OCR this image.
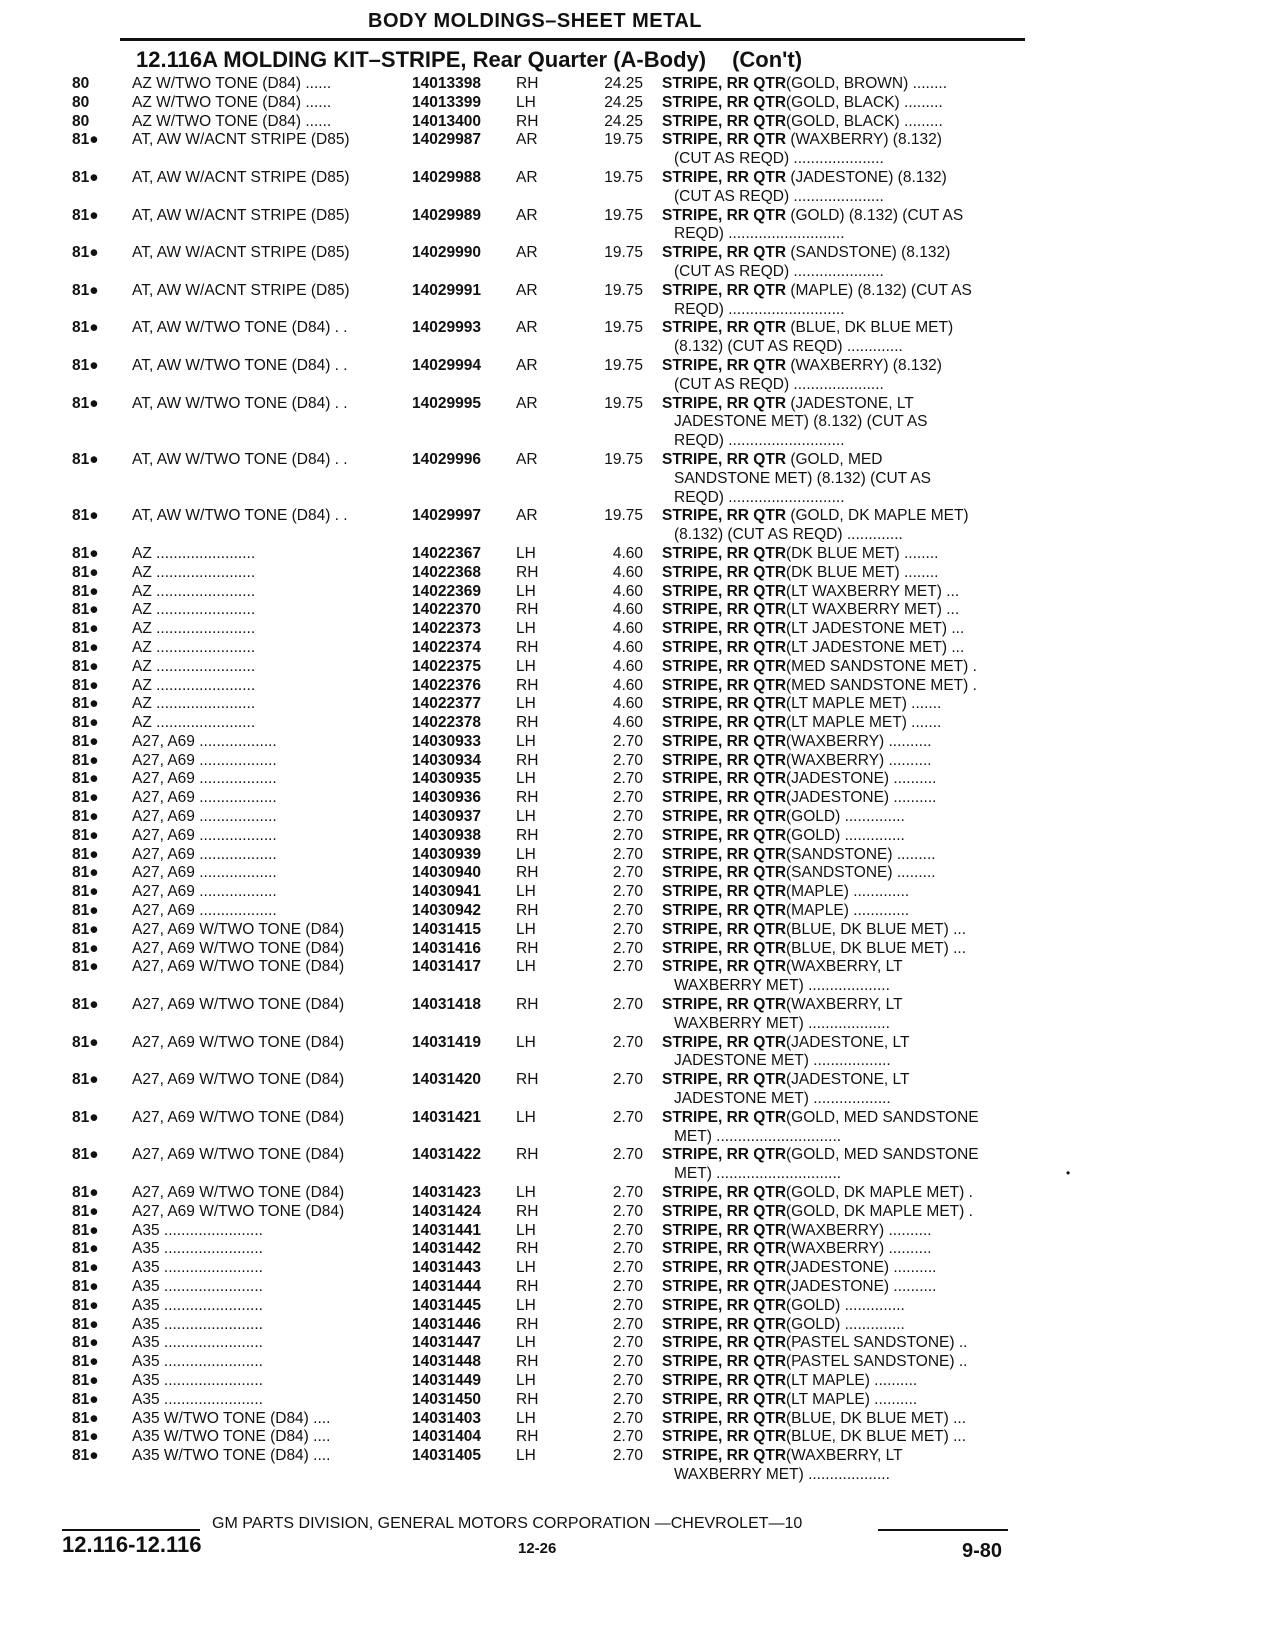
BODY MOLDINGS–SHEET METAL
12.116A MOLDING KIT–STRIPE, Rear Quarter (A-Body) (Con't)
80	AZ W/TWO TONE (D84) ......	14013398 RH	24.25 STRIPE, RR QTR(GOLD, BROWN) ........
80	AZ W/TWO TONE (D84) ......	14013399 LH	24.25 STRIPE, RR QTR(GOLD, BLACK) .........
80	AZ W/TWO TONE (D84) ......	14013400 RH	24.25 STRIPE, RR QTR(GOLD, BLACK) .........
81● AT, AW W/ACNT STRIPE (D85)	14029987 AR	19.75 STRIPE, RR QTR (WAXBERRY) (8.132)
(CUT AS REQD) .....................
81● AT, AW W/ACNT STRIPE (D85)	14029988 AR	19.75 STRIPE, RR QTR (JADESTONE) (8.132)
(CUT AS REQD) .....................
81● AT, AW W/ACNT STRIPE (D85)	14029989 AR	19.75 STRIPE, RR QTR (GOLD) (8.132) (CUT AS
REQD) ...........................
81● AT, AW W/ACNT STRIPE (D85)	14029990 AR	19.75 STRIPE, RR QTR (SANDSTONE) (8.132)
(CUT AS REQD) .....................
81● AT, AW W/ACNT STRIPE (D85)	14029991 AR	19.75 STRIPE, RR QTR (MAPLE) (8.132) (CUT AS
REQD) ...........................
81● AT, AW W/TWO TONE (D84) . .	14029993 AR	19.75 STRIPE, RR QTR (BLUE, DK BLUE MET)
(8.132) (CUT AS REQD) .............
81● AT, AW W/TWO TONE (D84) . .	14029994 AR	19.75 STRIPE, RR QTR (WAXBERRY) (8.132)
(CUT AS REQD) .....................
81● AT, AW W/TWO TONE (D84) . .	14029995 AR	19.75 STRIPE, RR QTR (JADESTONE, LT
JADESTONE MET) (8.132) (CUT AS
REQD) ...........................
81● AT, AW W/TWO TONE (D84) . .	14029996 AR	19.75 STRIPE, RR QTR (GOLD, MED
SANDSTONE MET) (8.132) (CUT AS
REQD) ...........................
81● AT, AW W/TWO TONE (D84) . .	14029997 AR	19.75 STRIPE, RR QTR (GOLD, DK MAPLE MET)
(8.132) (CUT AS REQD) .............
81● AZ .......................	14022367 LH	4.60 STRIPE, RR QTR(DK BLUE MET) ........
81● AZ .......................	14022368 RH	4.60 STRIPE, RR QTR(DK BLUE MET) ........
81● AZ .......................	14022369 LH	4.60 STRIPE, RR QTR(LT WAXBERRY MET) ...
81● AZ .......................	14022370 RH	4.60 STRIPE, RR QTR(LT WAXBERRY MET) ...
81● AZ .......................	14022373 LH	4.60 STRIPE, RR QTR(LT JADESTONE MET) ...
81● AZ .......................	14022374 RH	4.60 STRIPE, RR QTR(LT JADESTONE MET) ...
81● AZ .......................	14022375 LH	4.60 STRIPE, RR QTR(MED SANDSTONE MET) .
81● AZ .......................	14022376 RH	4.60 STRIPE, RR QTR(MED SANDSTONE MET) .
81● AZ .......................	14022377 LH	4.60 STRIPE, RR QTR(LT MAPLE MET) .......
81● AZ .......................	14022378 RH	4.60 STRIPE, RR QTR(LT MAPLE MET) .......
81● A27, A69 ..................	14030933 LH	2.70 STRIPE, RR QTR(WAXBERRY) ..........
81● A27, A69 ..................	14030934 RH	2.70 STRIPE, RR QTR(WAXBERRY) ..........
81● A27, A69 ..................	14030935 LH	2.70 STRIPE, RR QTR(JADESTONE) ..........
81● A27, A69 ..................	14030936 RH	2.70 STRIPE, RR QTR(JADESTONE) ..........
81● A27, A69 ..................	14030937 LH	2.70 STRIPE, RR QTR(GOLD) ..............
81● A27, A69 ..................	14030938 RH	2.70 STRIPE, RR QTR(GOLD) ..............
81● A27, A69 ..................	14030939 LH	2.70 STRIPE, RR QTR(SANDSTONE) .........
81● A27, A69 ..................	14030940 RH	2.70 STRIPE, RR QTR(SANDSTONE) .........
81● A27, A69 ..................	14030941 LH	2.70 STRIPE, RR QTR(MAPLE) .............
81● A27, A69 ..................	14030942 RH	2.70 STRIPE, RR QTR(MAPLE) .............
81● A27, A69 W/TWO TONE (D84)	14031415 LH	2.70 STRIPE, RR QTR(BLUE, DK BLUE MET) ...
81● A27, A69 W/TWO TONE (D84)	14031416 RH	2.70 STRIPE, RR QTR(BLUE, DK BLUE MET) ...
81● A27, A69 W/TWO TONE (D84)	14031417 LH	2.70 STRIPE, RR QTR(WAXBERRY, LT
WAXBERRY MET) ...................
81● A27, A69 W/TWO TONE (D84)	14031418 RH	2.70 STRIPE, RR QTR(WAXBERRY, LT
WAXBERRY MET) ...................
81● A27, A69 W/TWO TONE (D84)	14031419 LH	2.70 STRIPE, RR QTR(JADESTONE, LT
JADESTONE MET) ..................
81● A27, A69 W/TWO TONE (D84)	14031420 RH	2.70 STRIPE, RR QTR(JADESTONE, LT
JADESTONE MET) ..................
81● A27, A69 W/TWO TONE (D84)	14031421 LH	2.70 STRIPE, RR QTR(GOLD, MED SANDSTONE
MET) .............................
81● A27, A69 W/TWO TONE (D84)	14031422 RH	2.70 STRIPE, RR QTR(GOLD, MED SANDSTONE
MET) .............................
81● A27, A69 W/TWO TONE (D84)	14031423 LH	2.70 STRIPE, RR QTR(GOLD, DK MAPLE MET) .
81● A27, A69 W/TWO TONE (D84)	14031424 RH	2.70 STRIPE, RR QTR(GOLD, DK MAPLE MET) .
81● A35 .......................	14031441 LH	2.70 STRIPE, RR QTR(WAXBERRY) ..........
81● A35 .......................	14031442 RH	2.70 STRIPE, RR QTR(WAXBERRY) ..........
81● A35 .......................	14031443 LH	2.70 STRIPE, RR QTR(JADESTONE) ..........
81● A35 .......................	14031444 RH	2.70 STRIPE, RR QTR(JADESTONE) ..........
81● A35 .......................	14031445 LH	2.70 STRIPE, RR QTR(GOLD) ..............
81● A35 .......................	14031446 RH	2.70 STRIPE, RR QTR(GOLD) ..............
81● A35 .......................	14031447 LH	2.70 STRIPE, RR QTR(PASTEL SANDSTONE) ..
81● A35 .......................	14031448 RH	2.70 STRIPE, RR QTR(PASTEL SANDSTONE) ..
81● A35 .......................	14031449 LH	2.70 STRIPE, RR QTR(LT MAPLE) ..........
81● A35 .......................	14031450 RH	2.70 STRIPE, RR QTR(LT MAPLE) ..........
81● A35 W/TWO TONE (D84) ....	14031403 LH	2.70 STRIPE, RR QTR(BLUE, DK BLUE MET) ...
81● A35 W/TWO TONE (D84) ....	14031404 RH	2.70 STRIPE, RR QTR(BLUE, DK BLUE MET) ...
81● A35 W/TWO TONE (D84) ....	14031405 LH	2.70 STRIPE, RR QTR(WAXBERRY, LT
WAXBERRY MET) ...................
GM PARTS DIVISION, GENERAL MOTORS CORPORATION —CHEVROLET—10
12.116-12.116	12-26	9-80
•
